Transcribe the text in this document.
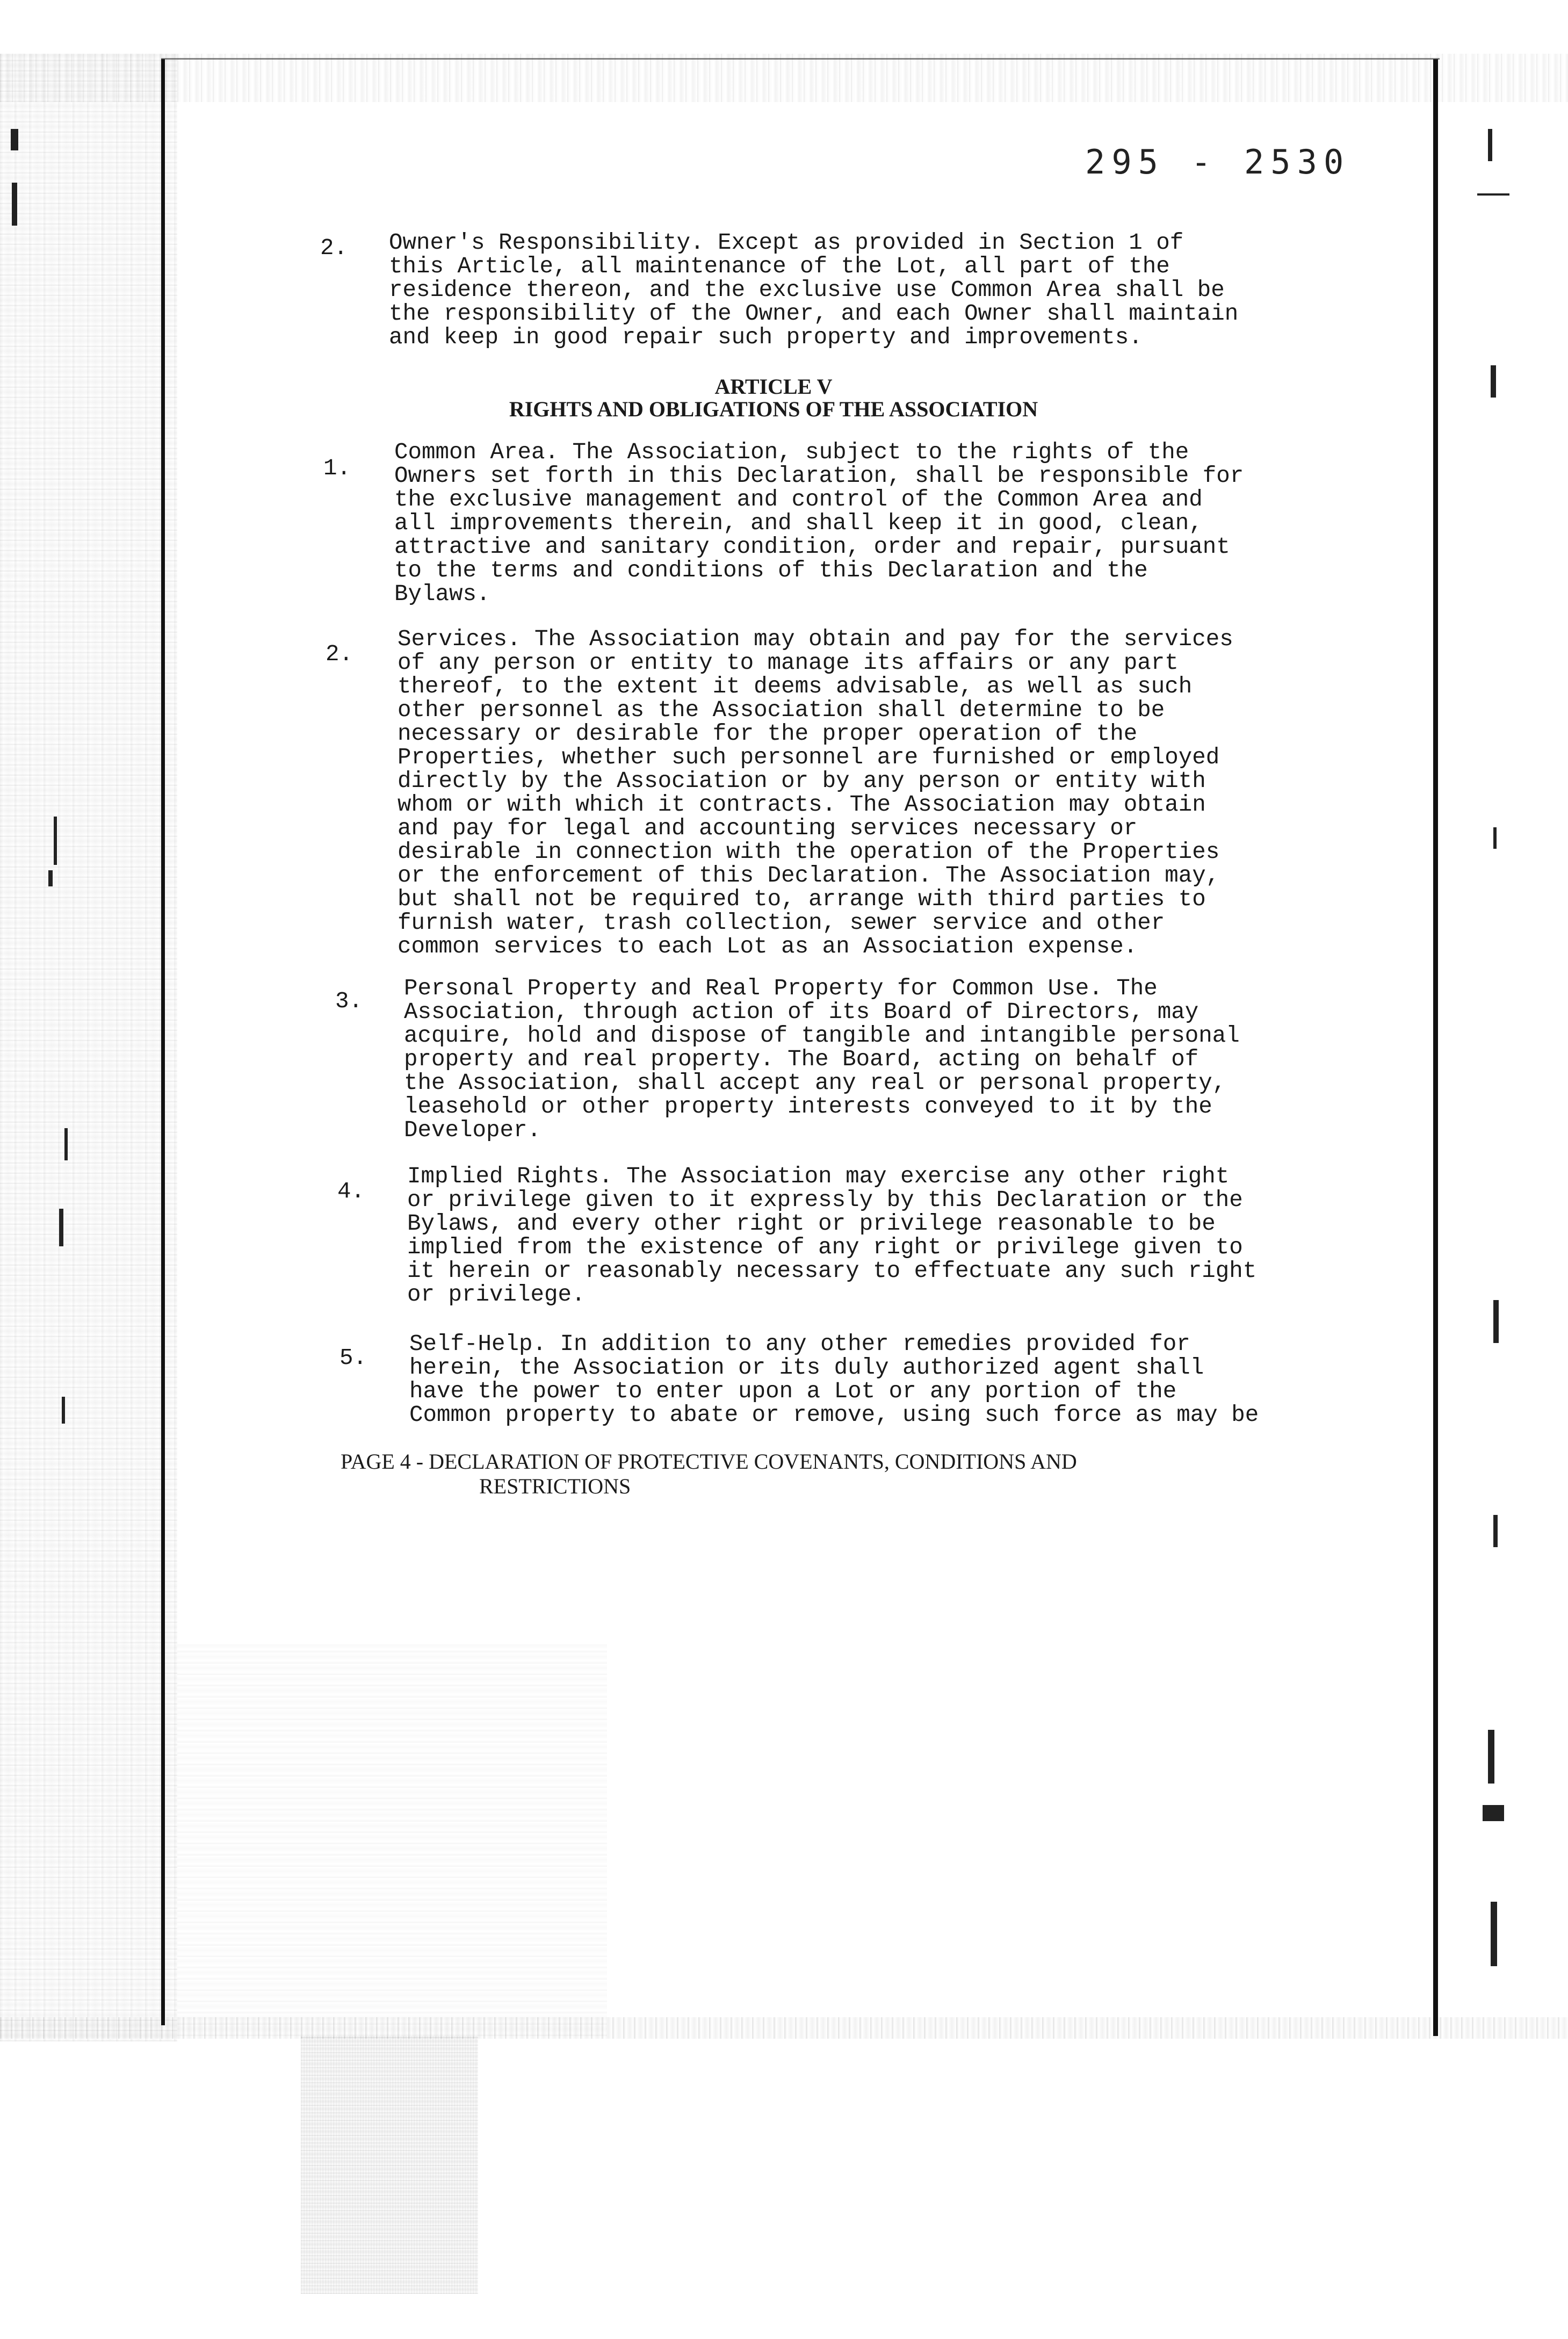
295 - 2530
2. Owner's Responsibility. Except as provided in Section 1 of
this Article, all maintenance of the Lot, all part of the
residence thereon, and the exclusive use Common Area shall be
the responsibility of the Owner, and each Owner shall maintain
and keep in good repair such property and improvements.
ARTICLE V
RIGHTS AND OBLIGATIONS OF THE ASSOCIATION
1.
Common Area. The Association, subject to the rights of the
Owners set forth in this Declaration, shall be responsible for
the exclusive management and control of the Common Area and
all improvements therein, and shall keep it in good, clean,
attractive and sanitary condition, order and repair, pursuant
to the terms and conditions of this Declaration and the
Bylaws.
2.
Services. The Association may obtain and pay for the services
of any person or entity to manage its affairs or any part
thereof, to the extent it deems advisable, as well as such
other personnel as the Association shall determine to be
necessary or desirable for the proper operation of the
Properties, whether such personnel are furnished or employed
directly by the Association or by any person or entity with
whom or with which it contracts. The Association may obtain
and pay for legal and accounting services necessary or
desirable in connection with the operation of the Properties
or the enforcement of this Declaration. The Association may,
but shall not be required to, arrange with third parties to
furnish water, trash collection, sewer service and other
common services to each Lot as an Association expense.
3. Personal Property and Real Property for Common Use. The
Association, through action of its Board of Directors, may
acquire, hold and dispose of tangible and intangible personal
property and real property. The Board, acting on behalf of
the Association, shall accept any real or personal property,
leasehold or other property interests conveyed to it by the
Developer.
4.
Implied Rights. The Association may exercise any other right
or privilege given to it expressly by this Declaration or the
Bylaws, and every other right or privilege reasonable to be
implied from the existence of any right or privilege given to
it herein or reasonably necessary to effectuate any such right
or privilege.
5.
Self-Help. In addition to any other remedies provided for
herein, the Association or its duly authorized agent shall
have the power to enter upon a Lot or any portion of the
Common property to abate or remove, using such force as may be
PAGE 4 - DECLARATION OF PROTECTIVE COVENANTS, CONDITIONS AND
RESTRICTIONS
